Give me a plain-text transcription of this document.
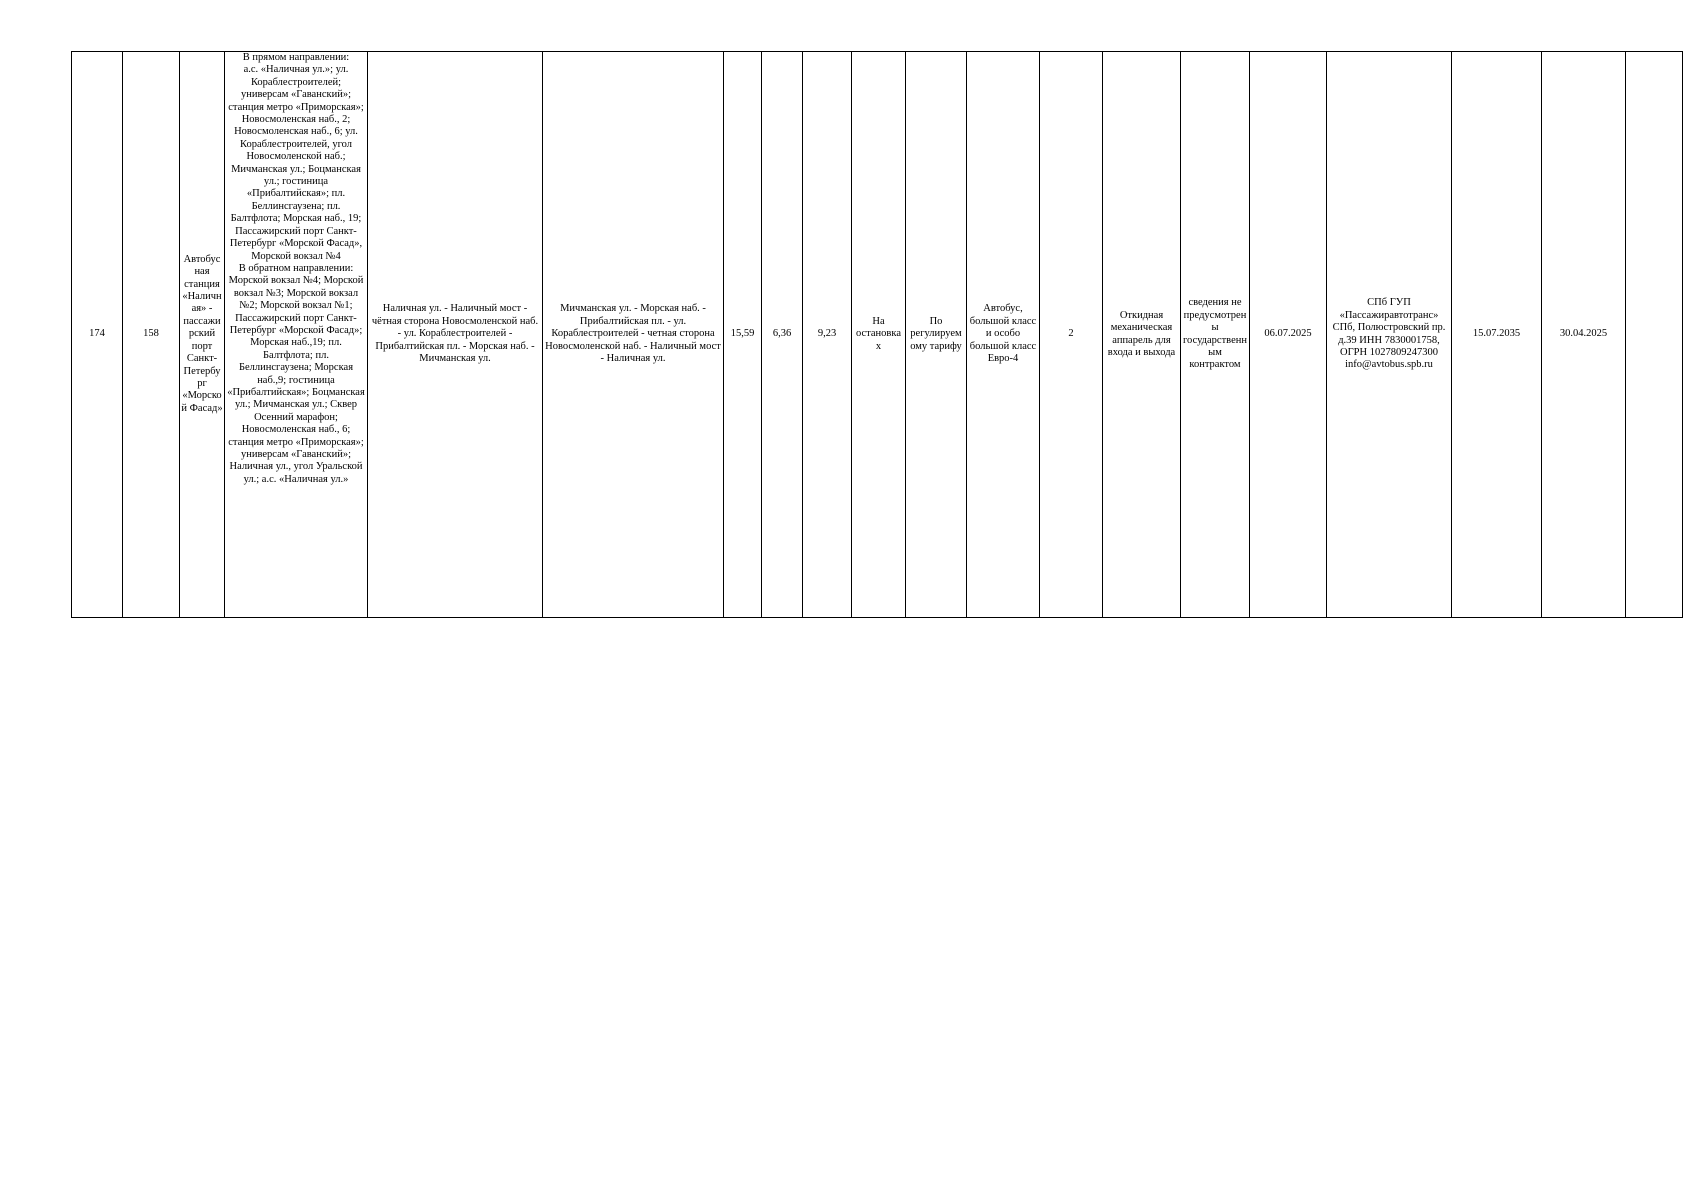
174	158	Автобусная станция «Наличная» - пассажирский порт Санкт-Петербург «Морской Фасад»	
В прямом направлении:
а.с. «Наличная ул.»; ул. Кораблестроителей; универсам «Гаванский»; станция метро «Приморская»; Новосмоленская наб., 2; Новосмоленская наб., 6; ул. Кораблестроителей, угол Новосмоленской наб.; Мичманская ул.; Боцманская ул.; гостиница «Прибалтийская»; пл. Беллинсгаузена; пл. Балтфлота; Морская наб., 19; Пассажирский порт Санкт-Петербург «Морской Фасад», Морской вокзал №4
В обратном направлении:
Морской вокзал №4; Морской вокзал №3; Морской вокзал №2; Морской вокзал №1; Пассажирский порт Санкт-Петербург «Морской Фасад»; Морская наб.,19; пл. Балтфлота; пл. Беллинсгаузена; Морская наб.,9; гостиница «Прибалтийская»; Боцманская ул.; Мичманская ул.; Сквер Осенний марафон; Новосмоленская наб., 6; станция метро «Приморская»; универсам «Гаванский»; Наличная ул., угол Уральской ул.; а.с. «Наличная ул.»
	Наличная ул. - Наличный мост - чётная сторона Новосмоленской наб. - ул. Кораблестроителей - Прибалтийская пл. - Морская наб. - Мичманская ул.	Мичманская ул. - Морская наб. - Прибалтийская пл. - ул. Кораблестроителей - четная сторона Новосмоленской наб. - Наличный мост - Наличная ул.	15,59	6,36	9,23	На остановках	По регулируемому тарифу	Автобус, большой класс и особо большой класс Евро-4	2	Откидная механическая аппарель для входа и выхода	сведения не предусмотрены государственным контрактом	06.07.2025	СПб ГУП «Пассажиравтотранс» СПб, Полюстровский пр. д.39 ИНН 7830001758, ОГРН 1027809247300 info@avtobus.spb.ru	15.07.2035	30.04.2025	
